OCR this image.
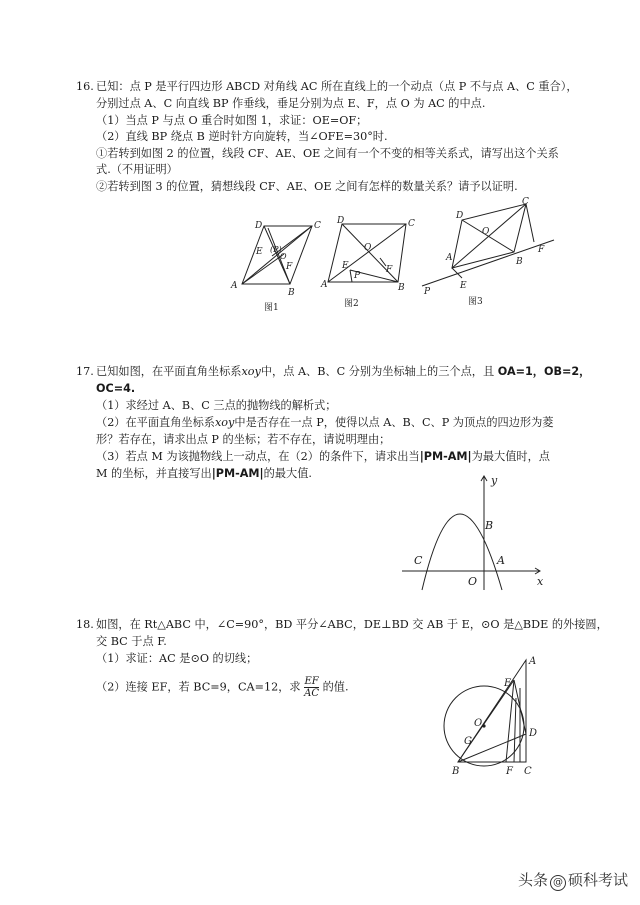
16. 已知：点 P 是平行四边形 ABCD 对角线 AC 所在直线上的一个动点（点 P 不与点 A、C 重合），
分别过点 A、C 向直线 BP 作垂线，垂足分别为点 E、F，点 O 为 AC 的中点.
（1）当点 P 与点 O 重合时如图 1，求证：OE=OF；
（2）直线 BP 绕点 B 逆时针方向旋转，当∠OFE=30°时.
①若转到如图 2 的位置，线段 CF、AE、OE 之间有一个不变的相等关系式，请写出这个关系
式.（不用证明）
②若转到图 3 的位置，猜想线段 CF、AE、OE 之间有怎样的数量关系？请予以证明.
A
B
C
D
E
F
(P)
O
图1
A	B
C
D
E	F
P
O
图2
A	B
C
D
E
F
P
O
图3
17. 已知如图，在平面直角坐标系xoy中，点 A、B、C 分别为坐标轴上的三个点，且 OA=1，OB=2，
OC=4.
（1）求经过 A、B、C 三点的抛物线的解析式；
（2）在平面直角坐标系xoy中是否存在一点 P，使得以点 A、B、C、P 为顶点的四边形为菱
形？若存在，请求出点 P 的坐标；若不存在，请说明理由；
（3）若点 M 为该抛物线上一动点，在（2）的条件下，请求出当|PM-AM|为最大值时，点
M 的坐标，并直接写出|PM-AM|的最大值.
y
x
B
C	A
O
18. 如图，在 Rt△ABC 中，∠C=90°，BD 平分∠ABC，DE⊥BD 交 AB 于 E，⊙O 是△BDE 的外接圆，
交 BC 于点 F.
（1）求证：AC 是⊙O 的切线；
（2）连接 EF，若 BC=9，CA=12，求 $\frac{EF}{AC}$ 的值.
A
E
O
D
G
B	F C
头条 @ 硕科考试
